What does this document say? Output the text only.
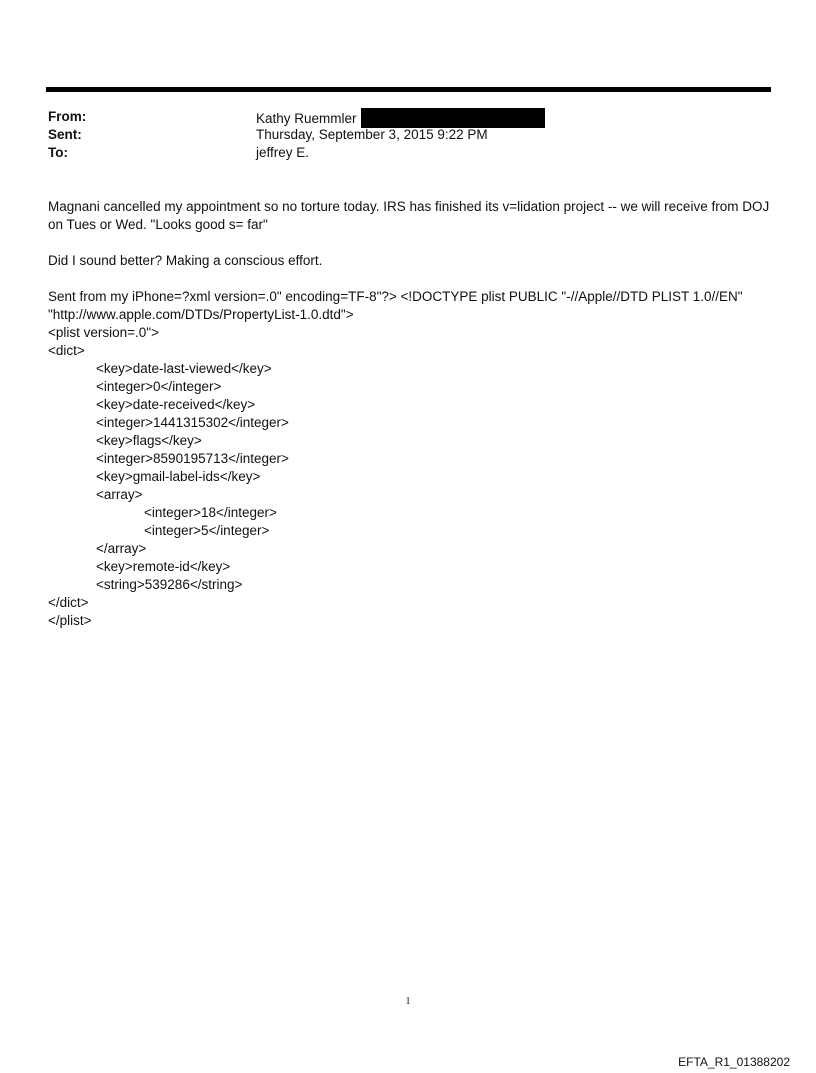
From:	Kathy Ruemmler
Sent:	Thursday, September 3, 2015 9:22 PM
To:	jeffrey E.

Magnani cancelled my appointment so no torture today. IRS has finished its v=lidation project -- we will receive from DOJ on Tues or Wed. "Looks good s= far"

Did I sound better? Making a conscious effort.

Sent from my iPhone=?xml version=.0" encoding=TF-8"?> <!DOCTYPE plist PUBLIC "-//Apple//DTD PLIST 1.0//EN" "http://www.apple.com/DTDs/PropertyList-1.0.dtd">
<plist version=.0">
<dict>
<key>date-last-viewed</key>
<integer>0</integer>
<key>date-received</key>
<integer>1441315302</integer>
<key>flags</key>
<integer>8590195713</integer>
<key>gmail-label-ids</key>
<array>
<integer>18</integer>
<integer>5</integer>
</array>
<key>remote-id</key>
<string>539286</string>
</dict>
</plist>
1
EFTA_R1_01388202
